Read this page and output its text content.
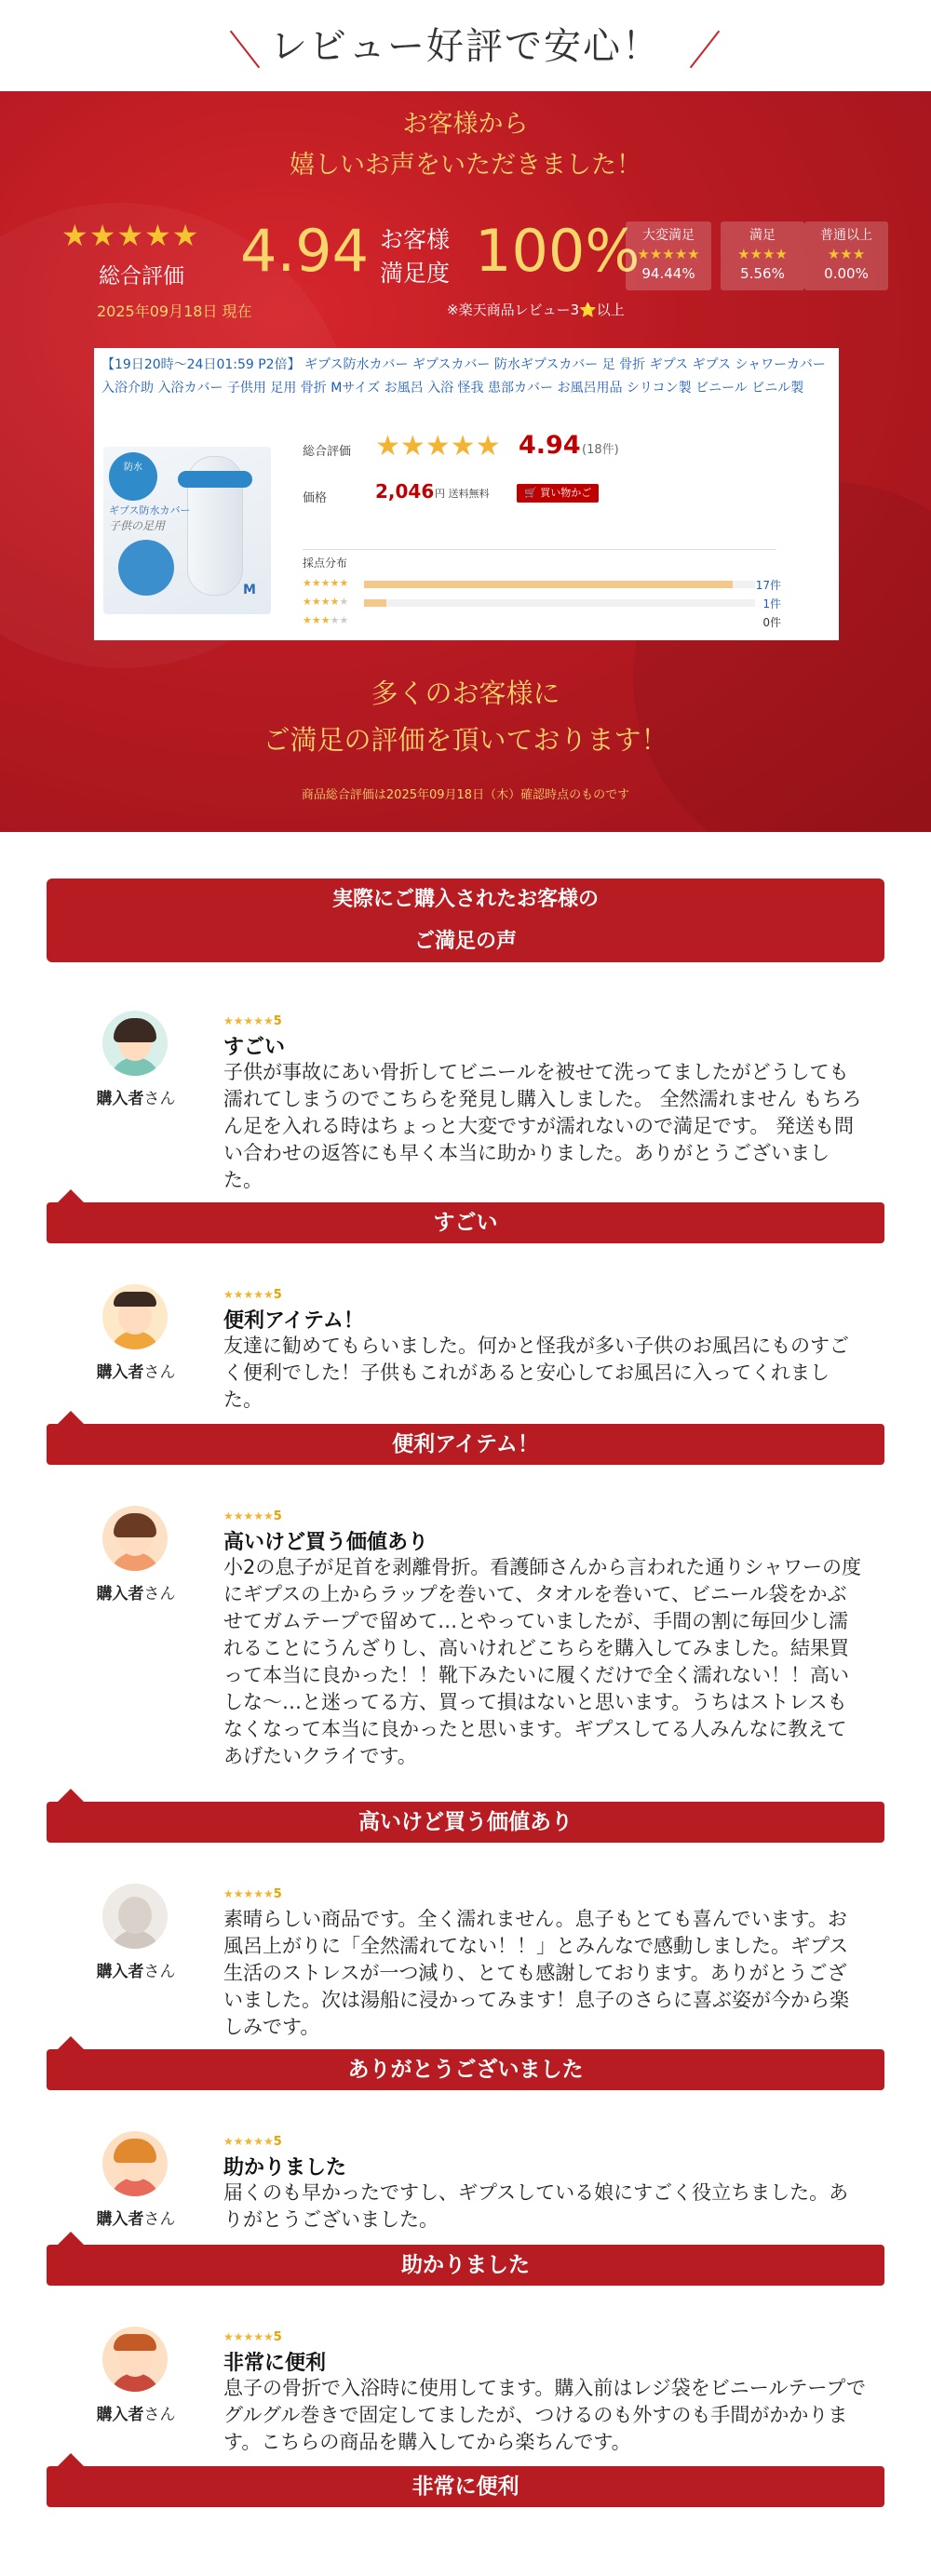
レビュー好評で安心！
お客様から
嬉しいお声をいただきました！
★★★★★
総合評価
2025年09月18日 現在
4.94 お客様
満足度 100%
※楽天商品レビュー3⭐以上
大変満足
★★★★★
94.44%
満足
★★★★
5.56%
普通以上
★★★
0.00%
【19日20時〜24日01:59 P2倍】 ギプス防水カバー ギプスカバー 防水ギプスカバー 足 骨折 ギプス ギプス シャワーカバー 入浴介助 入浴カバー 子供用 足用 骨折 Mサイズ お風呂 入浴 怪我 患部カバー お風呂用品 シリコン製 ビニール ビニル製
防水
ギプス防水カバー
子供の足用
M
総合評価 ★★★★★ 4.94 (18件)
価格	2,046 円 送料無料	🛒 買い物かご
採点分布
★★★★★	17件
★★★★★	1件
★★★★★	0件
多くのお客様に
ご満足の評価を頂いております！
商品総合評価は2025年09月18日（木）確認時点のものです
実際にご購入されたお客様の
ご満足の声
購入者さん
★★★★★5
すごい
子供が事故にあい骨折してビニールを被せて洗ってましたがどうしても濡れてしまうのでこちらを発見し購入しました。 全然濡れません もちろん足を入れる時はちょっと大変ですが濡れないので満足です。 発送も問い合わせの返答にも早く本当に助かりました。ありがとうございました。
すごい
購入者さん
★★★★★5
便利アイテム！
友達に勧めてもらいました。何かと怪我が多い子供のお風呂にものすごく便利でした！子供もこれがあると安心してお風呂に入ってくれました。
便利アイテム！
購入者さん
★★★★★5
高いけど買う価値あり
小2の息子が足首を剥離骨折。看護師さんから言われた通りシャワーの度にギプスの上からラップを巻いて、タオルを巻いて、ビニール袋をかぶせてガムテープで留めて…とやっていましたが、手間の割に毎回少し濡れることにうんざりし、高いけれどこちらを購入してみました。結果買って本当に良かった！！靴下みたいに履くだけで全く濡れない！！高いしな〜…と迷ってる方、買って損はないと思います。うちはストレスもなくなって本当に良かったと思います。ギプスしてる人みんなに教えてあげたいクライです。
高いけど買う価値あり
購入者さん
★★★★★5
素晴らしい商品です。全く濡れません。息子もとても喜んでいます。お風呂上がりに「全然濡れてない！！」とみんなで感動しました。ギプス生活のストレスが一つ減り、とても感謝しております。ありがとうございました。次は湯船に浸かってみます！息子のさらに喜ぶ姿が今から楽しみです。
ありがとうございました
購入者さん
★★★★★5
助かりました
届くのも早かったですし、ギプスしている娘にすごく役立ちました。ありがとうございました。
助かりました
購入者さん
★★★★★5
非常に便利
息子の骨折で入浴時に使用してます。購入前はレジ袋をビニールテープでグルグル巻きで固定してましたが、つけるのも外すのも手間がかかります。こちらの商品を購入してから楽ちんです。
非常に便利
